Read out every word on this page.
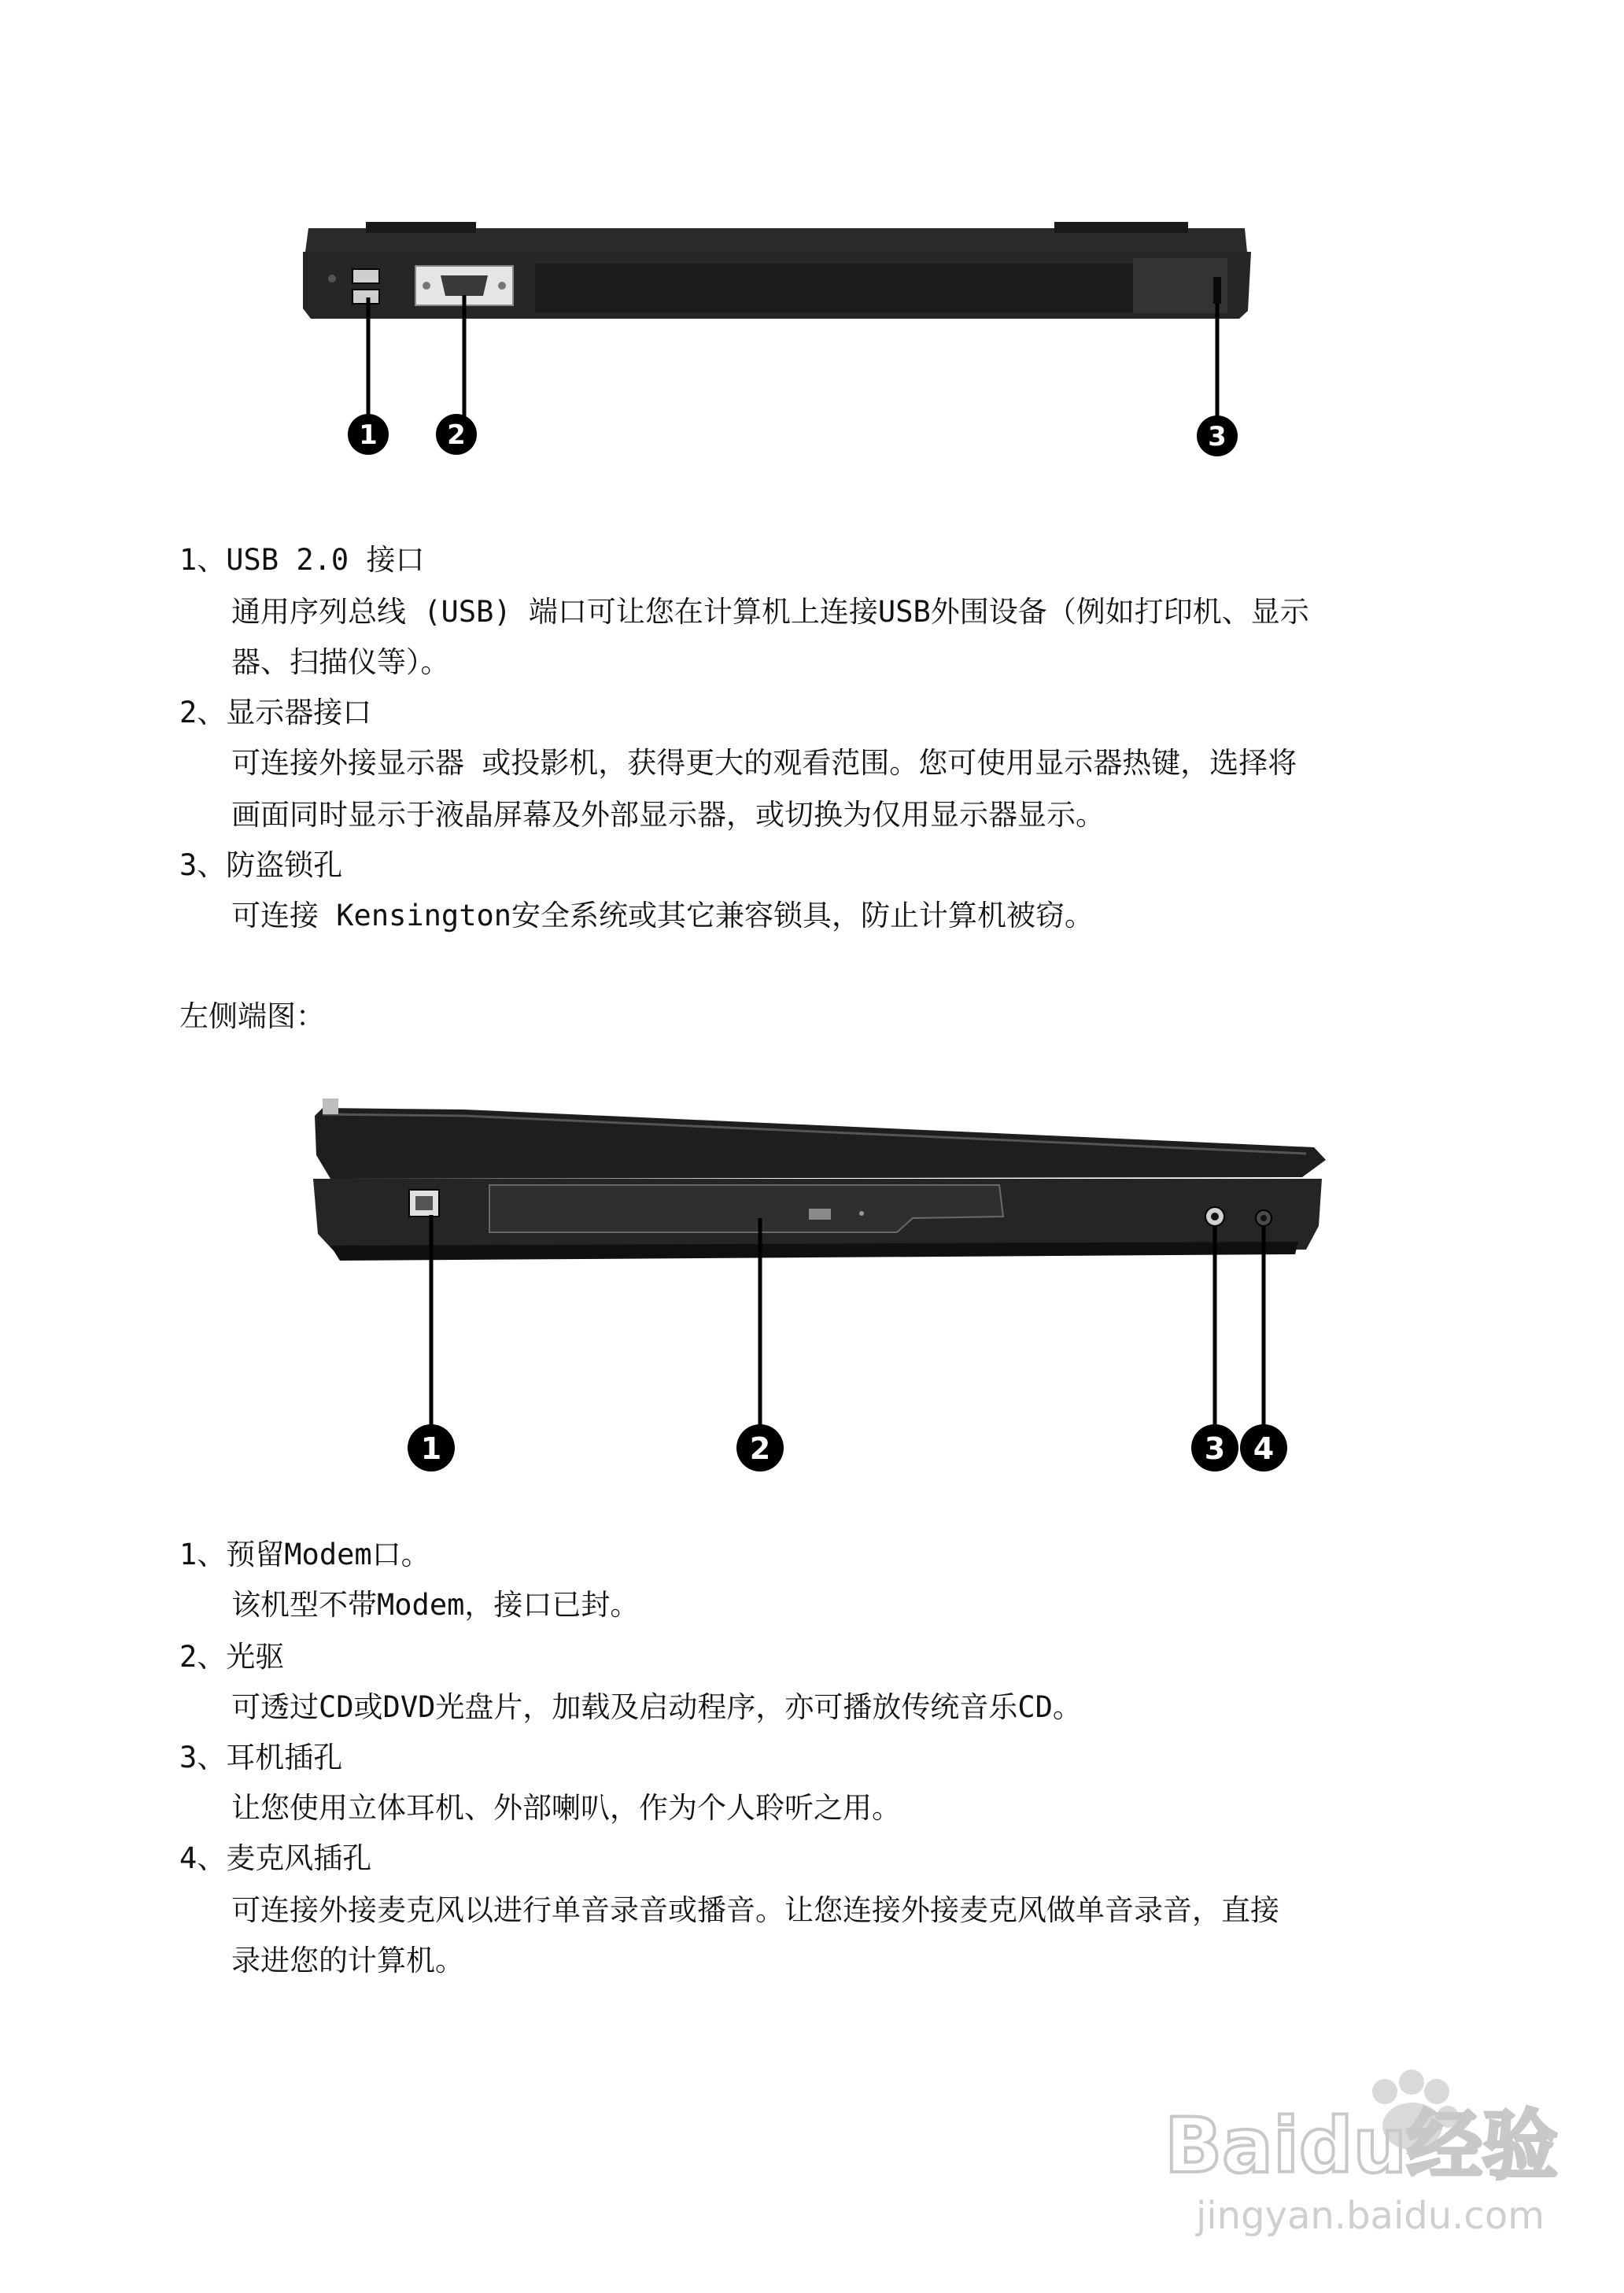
1	2	3
1、USB 2.0 接口
通用序列总线 (USB) 端口可让您在计算机上连接USB外围设备（例如打印机、显示
器、扫描仪等）。
2、显示器接口
可连接外接显示器 或投影机，获得更大的观看范围。您可使用显示器热键，选择将
画面同时显示于液晶屏幕及外部显示器，或切换为仅用显示器显示。
3、防盗锁孔
可连接 Kensington安全系统或其它兼容锁具，防止计算机被窃。
左侧端图：
1	2	3 4
1、预留Modem口。
该机型不带Modem，接口已封。
2、光驱
可透过CD或DVD光盘片，加载及启动程序，亦可播放传统音乐CD。
3、耳机插孔
让您使用立体耳机、外部喇叭，作为个人聆听之用。
4、麦克风插孔
可连接外接麦克风以进行单音录音或播音。让您连接外接麦克风做单音录音，直接
录进您的计算机。
Baidu经验
jingyan.baidu.com
